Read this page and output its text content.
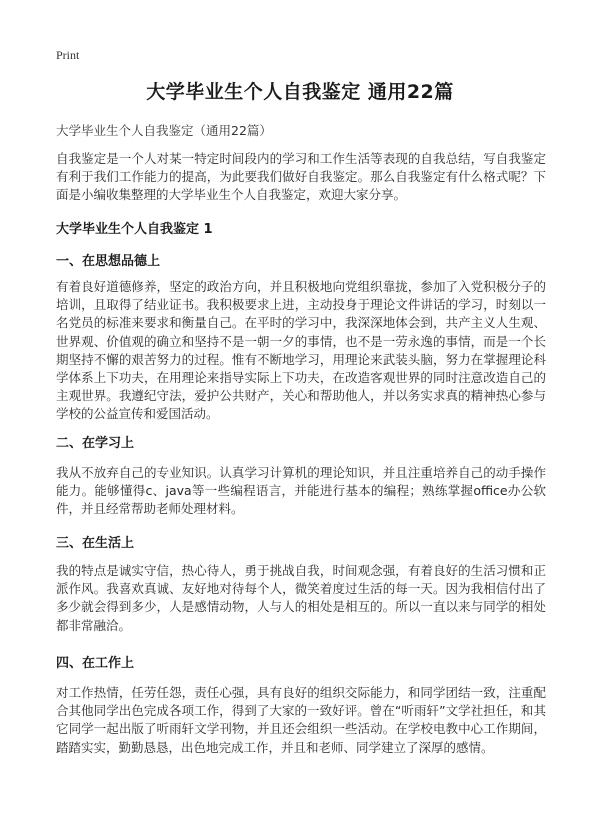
Print
大学毕业生个人自我鉴定 通用22篇
大学毕业生个人自我鉴定（通用22篇）
自我鉴定是一个人对某一特定时间段内的学习和工作生活等表现的自我总结，写自我鉴定有利于我们工作能力的提高，为此要我们做好自我鉴定。那么自我鉴定有什么格式呢？下面是小编收集整理的大学毕业生个人自我鉴定，欢迎大家分享。
大学毕业生个人自我鉴定 1
一、在思想品德上
有着良好道德修养，坚定的政治方向，并且积极地向党组织靠拢，参加了入党积极分子的培训，且取得了结业证书。我积极要求上进，主动投身于理论文件讲话的学习，时刻以一名党员的标准来要求和衡量自己。在平时的学习中，我深深地体会到，共产主义人生观、世界观、价值观的确立和坚持不是一朝一夕的事情，也不是一劳永逸的事情，而是一个长期坚持不懈的艰苦努力的过程。惟有不断地学习，用理论来武装头脑，努力在掌握理论科学体系上下功夫，在用理论来指导实际上下功夫，在改造客观世界的同时注意改造自己的主观世界。我遵纪守法，爱护公共财产，关心和帮助他人，并以务实求真的精神热心参与学校的公益宣传和爱国活动。
二、在学习上
我从不放弃自己的专业知识。认真学习计算机的理论知识，并且注重培养自己的动手操作能力。能够懂得c、java等一些编程语言，并能进行基本的编程；熟练掌握office办公软件，并且经常帮助老师处理材料。
三、在生活上
我的特点是诚实守信，热心待人，勇于挑战自我，时间观念强，有着良好的生活习惯和正派作风。我喜欢真诚、友好地对待每个人，微笑着度过生活的每一天。因为我相信付出了多少就会得到多少，人是感情动物，人与人的相处是相互的。所以一直以来与同学的相处都非常融洽。
四、在工作上
对工作热情，任劳任怨，责任心强，具有良好的组织交际能力，和同学团结一致，注重配合其他同学出色完成各项工作，得到了大家的一致好评。曾在“听雨轩”文学社担任，和其它同学一起出版了听雨轩文学刊物，并且还会组织一些活动。在学校电教中心工作期间，踏踏实实，勤勤恳恳，出色地完成工作，并且和老师、同学建立了深厚的感情。
